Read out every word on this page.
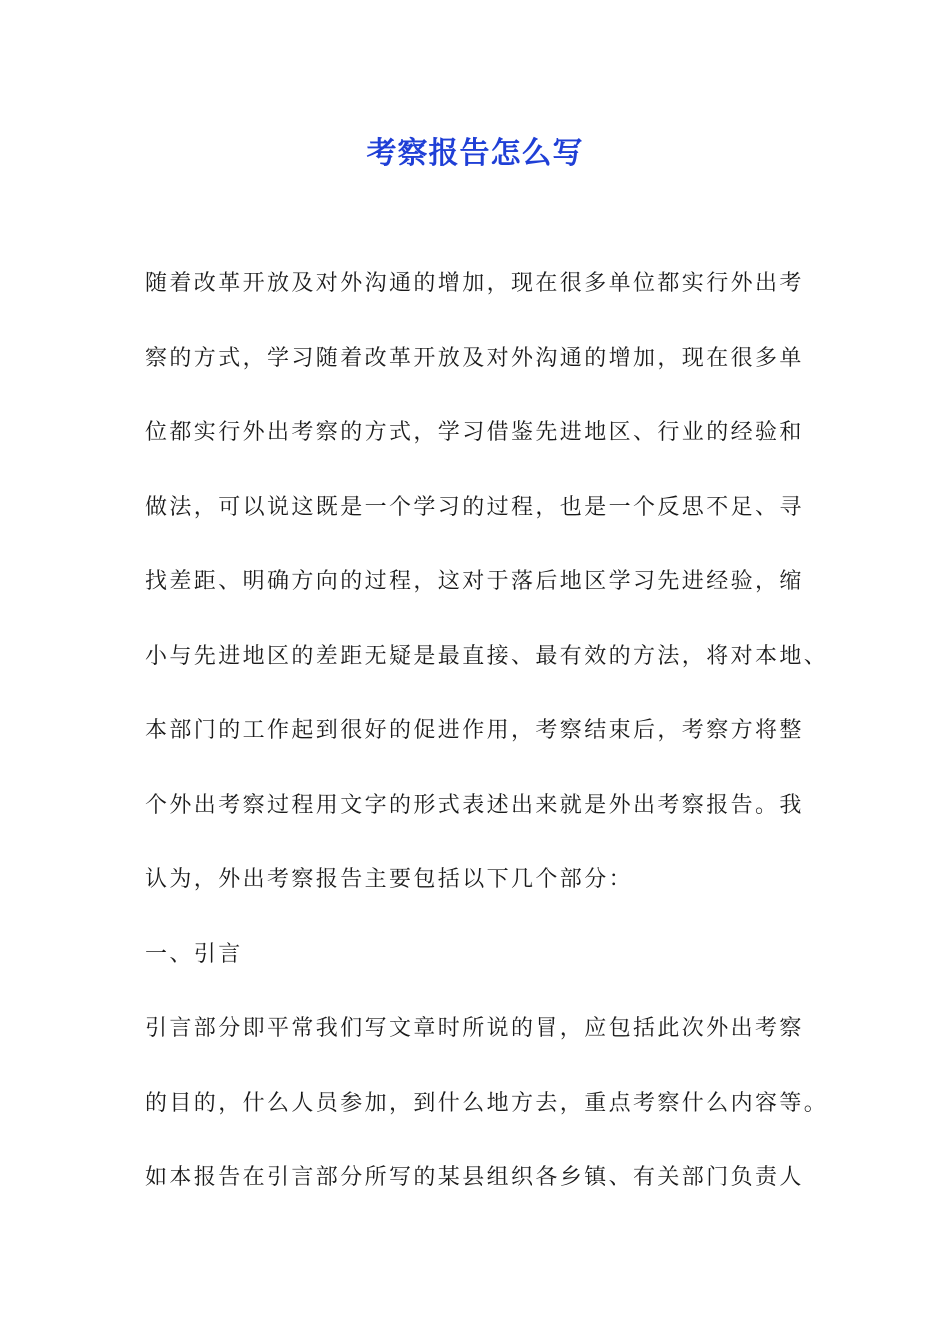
考察报告怎么写
随着改革开放及对外沟通的增加，现在很多单位都实行外出考
察的方式，学习随着改革开放及对外沟通的增加，现在很多单
位都实行外出考察的方式，学习借鉴先进地区、行业的经验和
做法，可以说这既是一个学习的过程，也是一个反思不足、寻
找差距、明确方向的过程，这对于落后地区学习先进经验，缩
小与先进地区的差距无疑是最直接、最有效的方法，将对本地、
本部门的工作起到很好的促进作用，考察结束后，考察方将整
个外出考察过程用文字的形式表述出来就是外出考察报告。我
认为，外出考察报告主要包括以下几个部分：
一、引言
引言部分即平常我们写文章时所说的冒，应包括此次外出考察
的目的，什么人员参加，到什么地方去，重点考察什么内容等。
如本报告在引言部分所写的某县组织各乡镇、有关部门负责人
